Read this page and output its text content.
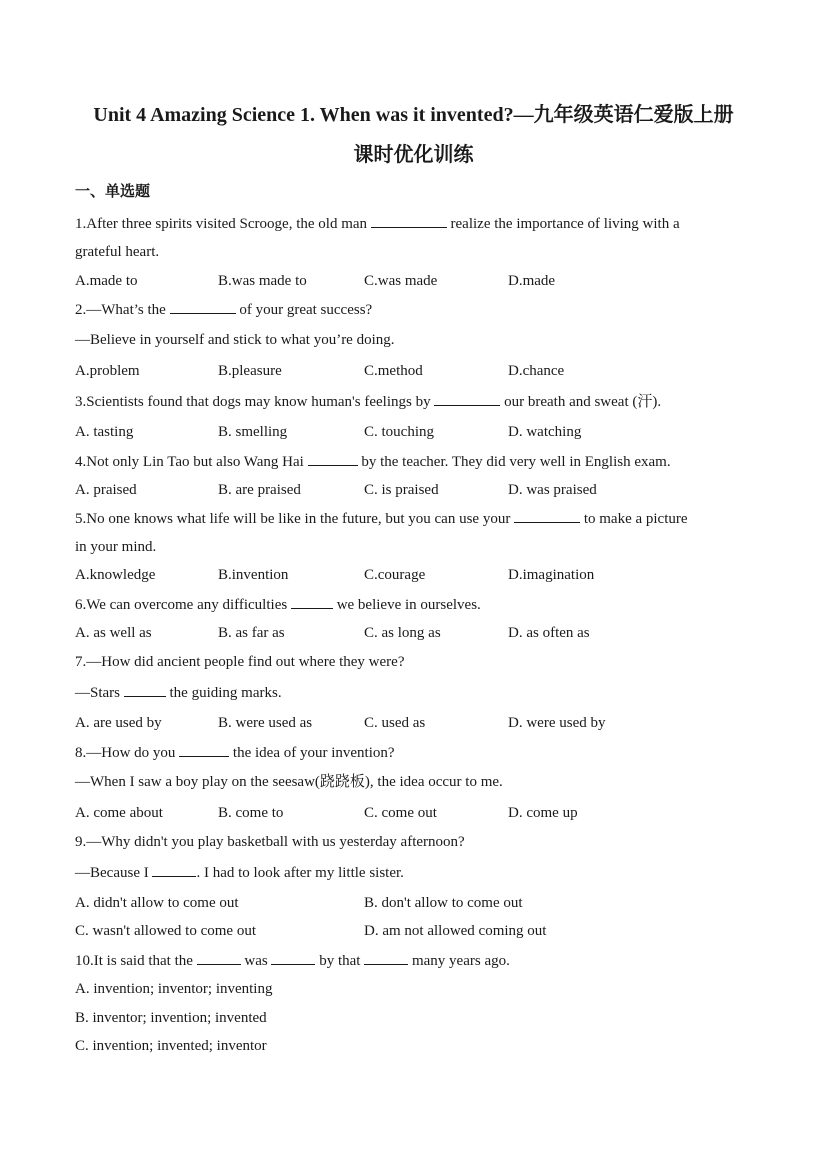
Unit 4 Amazing Science 1. When was it invented?—九年级英语仁爱版上册
课时优化训练
一、单选题
1.After three spirits visited Scrooge, the old man	realize the importance of living with a
grateful heart.
A.made to	B.was made to	C.was made	D.made
2.—What’s the	of your great success?
—Believe in yourself and stick to what you’re doing.
A.problem	B.pleasure	C.method	D.chance
3.Scientists found that dogs may know human's feelings by	our breath and sweat (汗).
A. tasting	B. smelling	C. touching	D. watching
4.Not only Lin Tao but also Wang Hai	by the teacher. They did very well in English exam.
A. praised	B. are praised	C. is praised	D. was praised
5.No one knows what life will be like in the future, but you can use your	to make a picture
in your mind.
A.knowledge	B.invention	C.courage	D.imagination
6.We can overcome any difficulties	we believe in ourselves.
A. as well as	B. as far as	C. as long as	D. as often as
7.—How did ancient people find out where they were?
—Stars	the guiding marks.
A. are used by	B. were used as	C. used as	D. were used by
8.—How do you	the idea of your invention?
—When I saw a boy play on the seesaw(跷跷板), the idea occur to me.
A. come about	B. come to	C. come out	D. come up
9.—Why didn't you play basketball with us yesterday afternoon?
—Because I	. I had to look after my little sister.
A. didn't allow to come out	B. don't allow to come out
C. wasn't allowed to come out	D. am not allowed coming out
10.It is said that the	was	by that	many years ago.
A. invention; inventor; inventing
B. inventor; invention; invented
C. invention; invented; inventor
